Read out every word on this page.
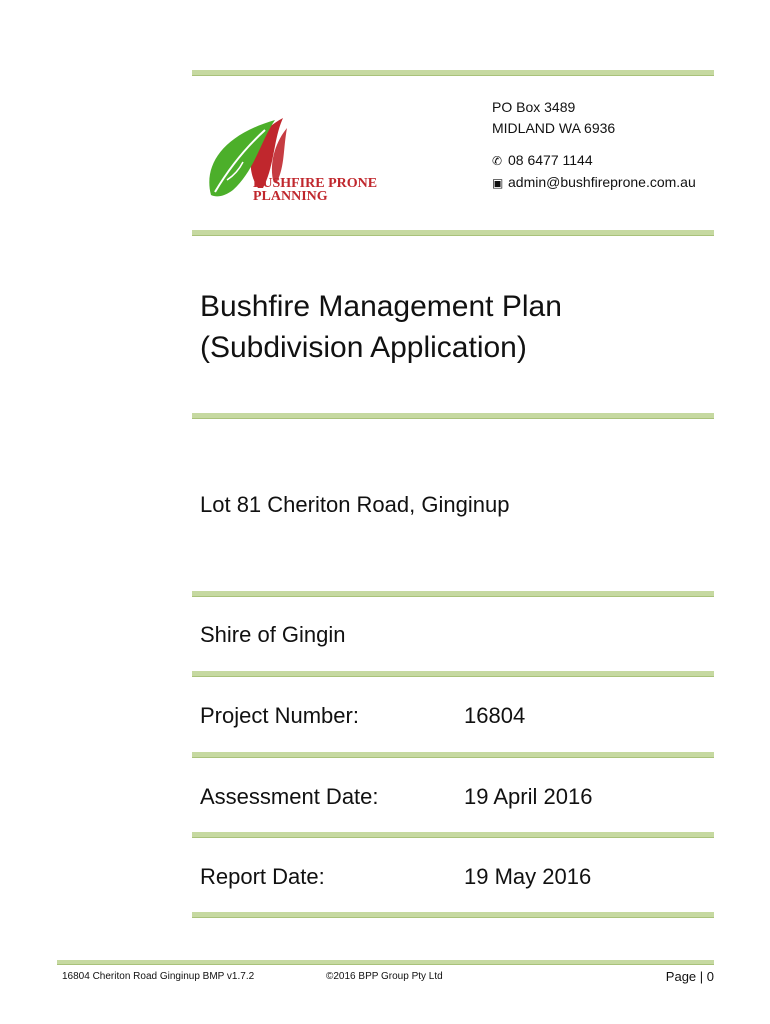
BUSHFIRE PRONE
PLANNING
PO Box 3489
MIDLAND WA 6936
✆ 08 6477 1144
▣ admin@bushfireprone.com.au
Bushfire Management Plan
(Subdivision Application)
Lot 81 Cheriton Road, Ginginup
Shire of Gingin
Project Number:	16804
Assessment Date:	19 April 2016
Report Date:	19 May 2016
16804 Cheriton Road Ginginup BMP v1.7.2	©2016 BPP Group Pty Ltd	Page | 0
